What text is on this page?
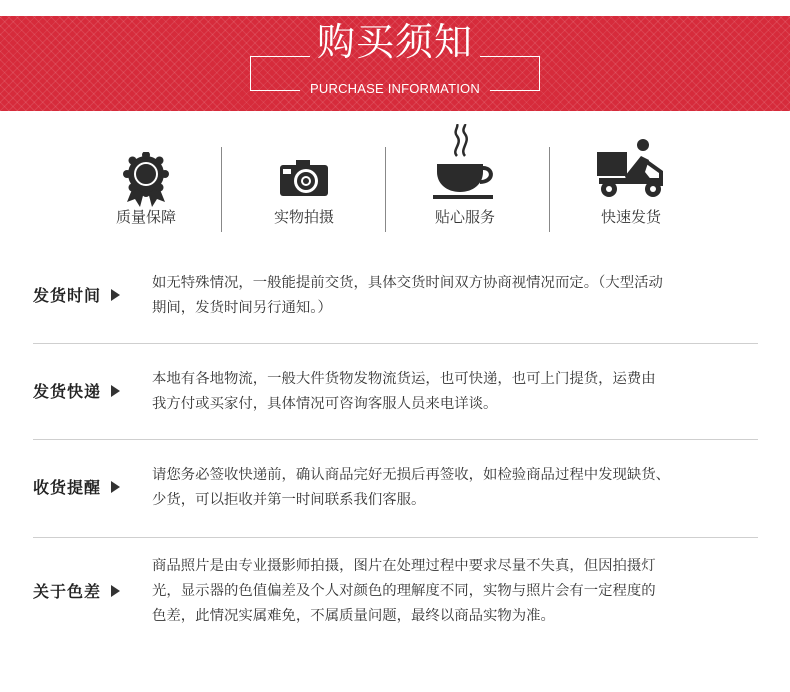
购买须知
PURCHASE INFORMATION
质量保障	实物拍摄	贴心服务	快速发货
发货时间
如无特殊情况，一般能提前交货，具体交货时间双方协商视情况而定。（大型活动
期间，发货时间另行通知。）
发货快递
本地有各地物流，一般大件货物发物流货运，也可快递，也可上门提货，运费由
我方付或买家付，具体情况可咨询客服人员来电详谈。
收货提醒
请您务必签收快递前，确认商品完好无损后再签收，如检验商品过程中发现缺货、
少货，可以拒收并第一时间联系我们客服。
关于色差
商品照片是由专业摄影师拍摄，图片在处理过程中要求尽量不失真，但因拍摄灯
光，显示器的色值偏差及个人对颜色的理解度不同，实物与照片会有一定程度的
色差，此情况实属难免，不属质量问题，最终以商品实物为准。
